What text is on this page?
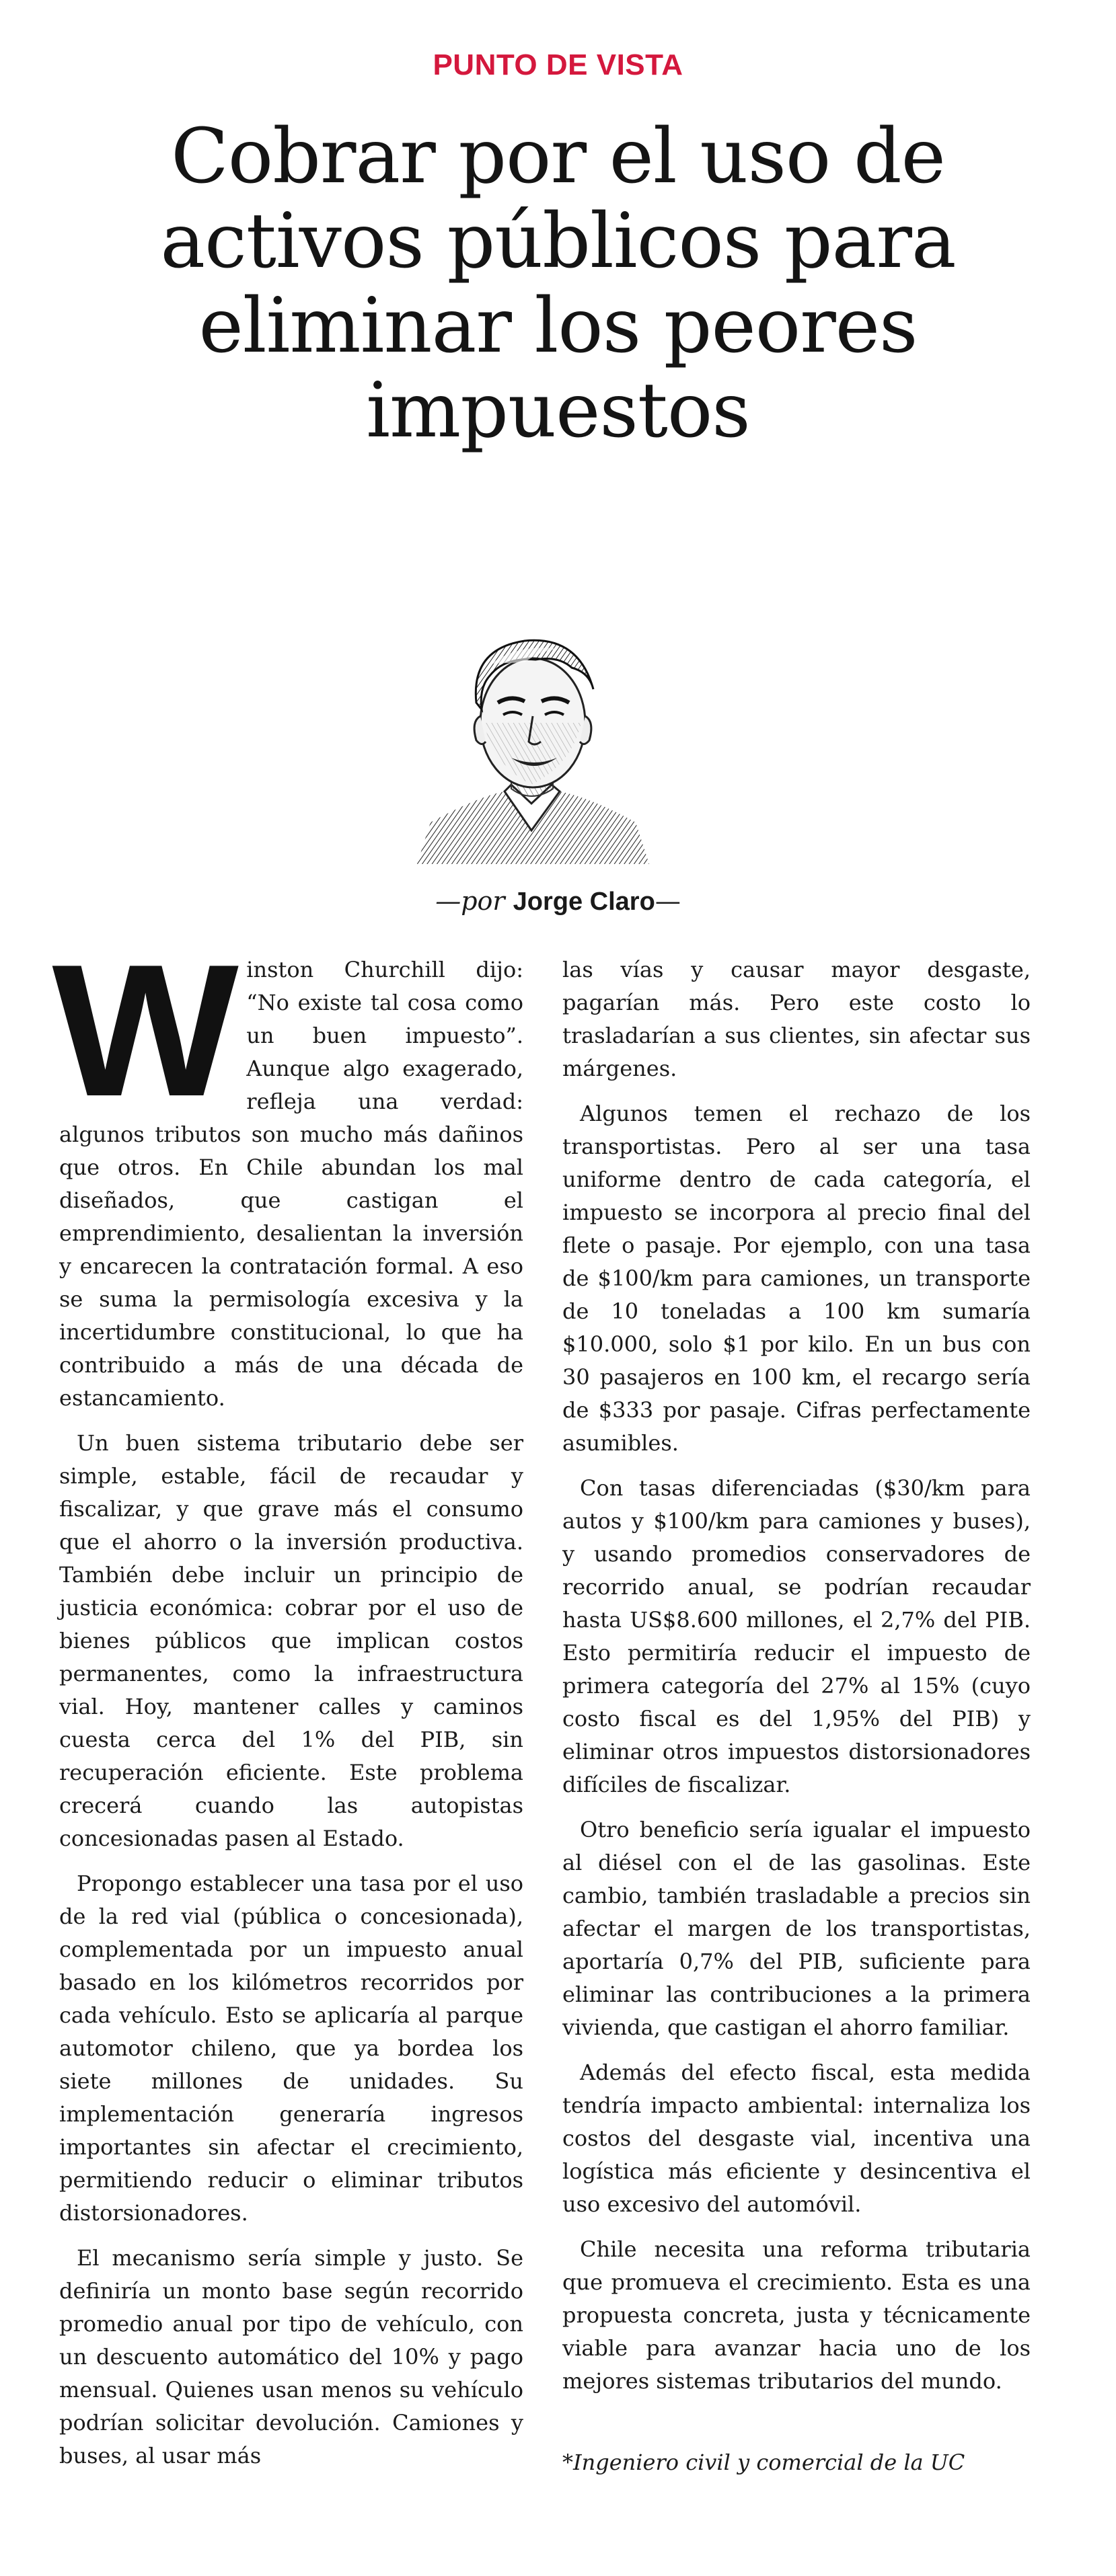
PUNTO DE VISTA
Cobrar por el uso de activos públicos para eliminar los peores impuestos
—por Jorge Claro—

Winston Churchill dijo: “No existe tal cosa como un buen impuesto”. Aunque algo exagerado, refleja una verdad: algunos tributos son mucho más dañinos que otros. En Chile abundan los mal diseñados, que castigan el emprendimiento, desalientan la inversión y encarecen la contratación formal. A eso se suma la permisología excesiva y la incertidumbre constitucional, lo que ha contribuido a más de una década de estancamiento.

Un buen sistema tributario debe ser simple, estable, fácil de recaudar y fiscalizar, y que grave más el consumo que el ahorro o la inversión productiva. También debe incluir un principio de justicia económica: cobrar por el uso de bienes públicos que implican costos permanentes, como la infraestructura vial. Hoy, mantener calles y caminos cuesta cerca del 1% del PIB, sin recuperación eficiente. Este problema crecerá cuando las autopistas concesionadas pasen al Estado.

Propongo establecer una tasa por el uso de la red vial (pública o concesionada), complementada por un impuesto anual basado en los kilómetros recorridos por cada vehículo. Esto se aplicaría al parque automotor chileno, que ya bordea los siete millones de unidades. Su implementación generaría ingresos importantes sin afectar el crecimiento, permitiendo reducir o eliminar tributos distorsionadores.

El mecanismo sería simple y justo. Se definiría un monto base según recorrido promedio anual por tipo de vehículo, con un descuento automático del 10% y pago mensual. Quienes usan menos su vehículo podrían solicitar devolución. Camiones y buses, al usar más

las vías y causar mayor desgaste, pagarían más. Pero este costo lo trasladarían a sus clientes, sin afectar sus márgenes.

Algunos temen el rechazo de los transportistas. Pero al ser una tasa uniforme dentro de cada categoría, el impuesto se incorpora al precio final del flete o pasaje. Por ejemplo, con una tasa de $100/km para camiones, un transporte de 10 toneladas a 100 km sumaría $10.000, solo $1 por kilo. En un bus con 30 pasajeros en 100 km, el recargo sería de $333 por pasaje. Cifras perfectamente asumibles.

Con tasas diferenciadas ($30/km para autos y $100/km para camiones y buses), y usando promedios conservadores de recorrido anual, se podrían recaudar hasta US$8.600 millones, el 2,7% del PIB. Esto permitiría reducir el impuesto de primera categoría del 27% al 15% (cuyo costo fiscal es del 1,95% del PIB) y eliminar otros impuestos distorsionadores difíciles de fiscalizar.

Otro beneficio sería igualar el impuesto al diésel con el de las gasolinas. Este cambio, también trasladable a precios sin afectar el margen de los transportistas, aportaría 0,7% del PIB, suficiente para eliminar las contribuciones a la primera vivienda, que castigan el ahorro familiar.

Además del efecto fiscal, esta medida tendría impacto ambiental: internaliza los costos del desgaste vial, incentiva una logística más eficiente y desincentiva el uso excesivo del automóvil.

Chile necesita una reforma tributaria que promueva el crecimiento. Esta es una propuesta concreta, justa y técnicamente viable para avanzar hacia uno de los mejores sistemas tributarios del mundo.

*Ingeniero civil y comercial de la UC
